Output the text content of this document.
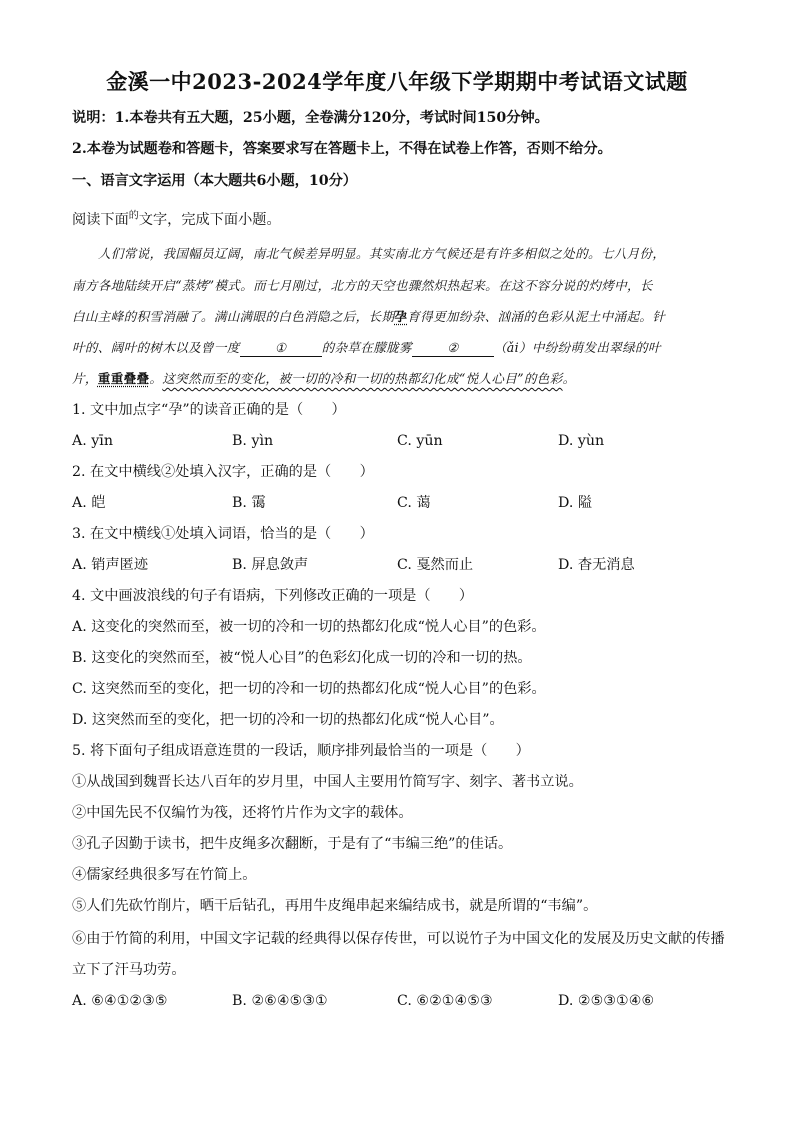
金溪一中2023-2024学年度八年级下学期期中考试语文试题
说明：1.本卷共有五大题，25小题，全卷满分120分，考试时间150分钟。
2.本卷为试题卷和答题卡，答案要求写在答题卡上，不得在试卷上作答，否则不给分。
一、语言文字运用（本大题共6小题，10分）
阅读下面$^的$文字，完成下面小题。
人们常说，我国幅员辽阔，南北气候差异明显。其实南北方气候还是有许多相似之处的。七八月份，
南方各地陆续开启“蒸烤”模式。而七月刚过，北方的天空也骤然炽热起来。在这不容分说的灼烤中，长
白山主峰的积雪消融了。满山满眼的白色消隐之后，长期孕育得更加纷杂、汹涌的色彩从泥土中涌起。针
叶的、阔叶的树木以及曾一度	①	的杂草在朦胧雾	②	（ǎi）中纷纷萌发出翠绿的叶
片，重重叠叠。这突然而至的变化，被一切的冷和一切的热都幻化成“悦人心目”的色彩。
1. 文中加点字“孕”的读音正确的是（　　）
A. yīn	B. yìn	C. yūn	D. yùn
2. 在文中横线②处填入汉字，正确的是（　　）
A. 皑	B. 霭	C. 蔼	D. 隘
3. 在文中横线①处填入词语，恰当的是（　　）
A. 销声匿迹	B. 屏息敛声	C. 戛然而止	D. 杳无消息
4. 文中画波浪线的句子有语病，下列修改正确的一项是（　　）
A. 这变化的突然而至，被一切的冷和一切的热都幻化成“悦人心目”的色彩。
B. 这变化的突然而至，被“悦人心目”的色彩幻化成一切的冷和一切的热。
C. 这突然而至的变化，把一切的冷和一切的热都幻化成“悦人心目”的色彩。
D. 这突然而至的变化，把一切的冷和一切的热都幻化成“悦人心目”。
5. 将下面句子组成语意连贯的一段话，顺序排列最恰当的一项是（　　）
①从战国到魏晋长达八百年的岁月里，中国人主要用竹简写字、刻字、著书立说。
②中国先民不仅编竹为筏，还将竹片作为文字的载体。
③孔子因勤于读书，把牛皮绳多次翻断，于是有了“韦编三绝”的佳话。
④儒家经典很多写在竹简上。
⑤人们先砍竹削片，晒干后钻孔，再用牛皮绳串起来编结成书，就是所谓的“韦编”。
⑥由于竹简的利用，中国文字记载的经典得以保存传世，可以说竹子为中国文化的发展及历史文献的传播
立下了汗马功劳。
A. ⑥④①②③⑤	B. ②⑥④⑤③①	C. ⑥②①④⑤③	D. ②⑤③①④⑥
